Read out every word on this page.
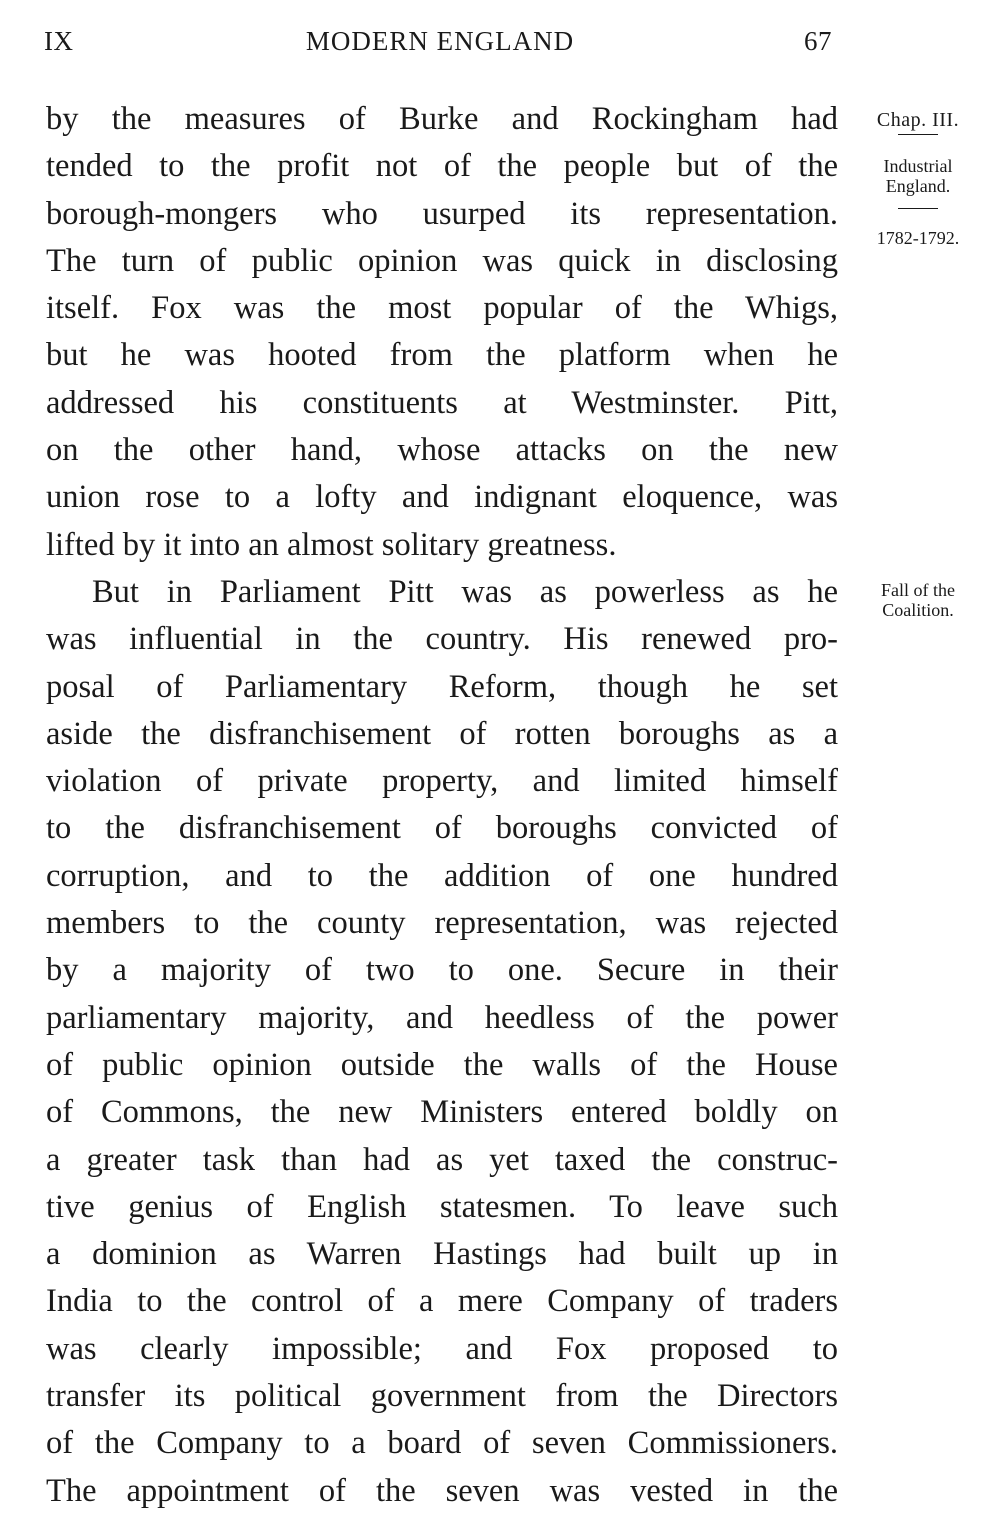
IX	MODERN ENGLAND	67
Chap. III.
Industrial
England.
1782-1792.
Fall of the
Coalition.
by the measures of Burke and Rockingham had
tended to the profit not of the people but of the
borough-mongers who usurped its representation.
The turn of public opinion was quick in disclosing
itself. Fox was the most popular of the Whigs,
but he was hooted from the platform when he
addressed his constituents at Westminster. Pitt,
on the other hand, whose attacks on the new
union rose to a lofty and indignant eloquence, was
lifted by it into an almost solitary greatness.
But in Parliament Pitt was as powerless as he
was influential in the country. His renewed pro-
posal of Parliamentary Reform, though he set
aside the disfranchisement of rotten boroughs as a
violation of private property, and limited himself
to the disfranchisement of boroughs convicted of
corruption, and to the addition of one hundred
members to the county representation, was rejected
by a majority of two to one. Secure in their
parliamentary majority, and heedless of the power
of public opinion outside the walls of the House
of Commons, the new Ministers entered boldly on
a greater task than had as yet taxed the construc-
tive genius of English statesmen. To leave such
a dominion as Warren Hastings had built up in
India to the control of a mere Company of traders
was clearly impossible; and Fox proposed to
transfer its political government from the Directors
of the Company to a board of seven Commissioners.
The appointment of the seven was vested in the
